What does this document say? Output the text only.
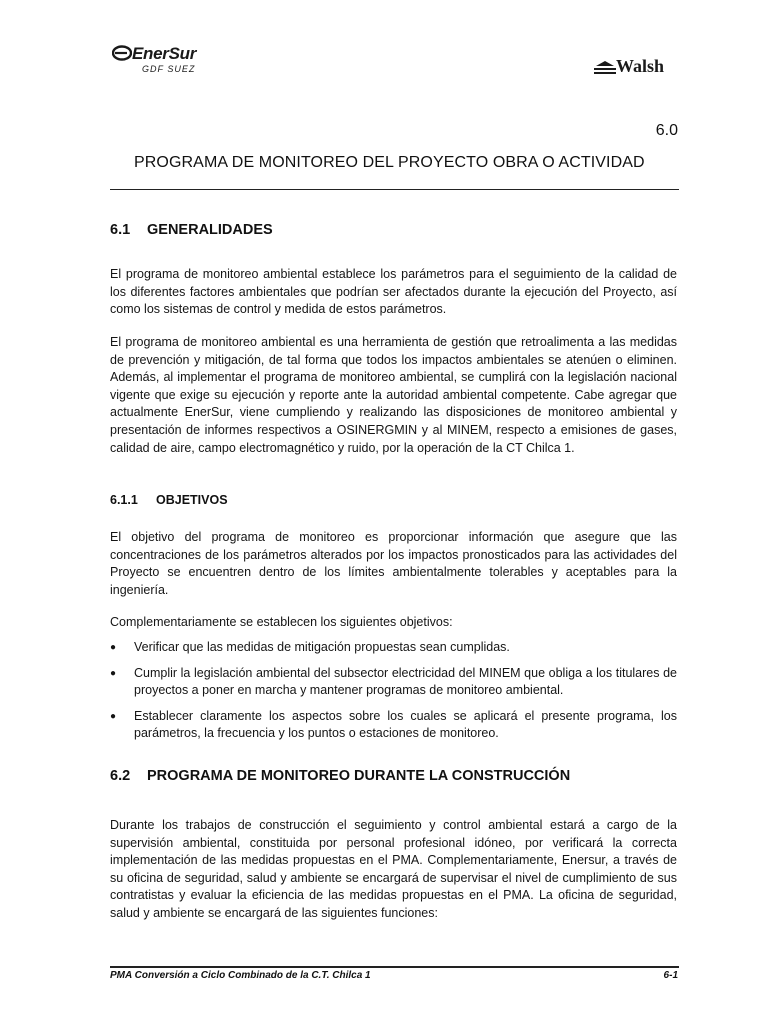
EnerSur
GDF SUEZ	Walsh
6.0
PROGRAMA DE MONITOREO DEL PROYECTO OBRA O ACTIVIDAD
6.1 GENERALIDADES

El programa de monitoreo ambiental establece los parámetros para el seguimiento de la calidad de los diferentes factores ambientales que podrían ser afectados durante la ejecución del Proyecto, así como los sistemas de control y medida de estos parámetros.

El programa de monitoreo ambiental es una herramienta de gestión que retroalimenta a las medidas de prevención y mitigación, de tal forma que todos los impactos ambientales se atenúen o eliminen. Además, al implementar el programa de monitoreo ambiental, se cumplirá con la legislación nacional vigente que exige su ejecución y reporte ante la autoridad ambiental competente. Cabe agregar que actualmente EnerSur, viene cumpliendo y realizando las disposiciones de monitoreo ambiental y presentación de informes respectivos a OSINERGMIN y al MINEM, respecto a emisiones de gases, calidad de aire, campo electromagnético y ruido, por la operación de la CT Chilca 1.

6.1.1 OBJETIVOS

El objetivo del programa de monitoreo es proporcionar información que asegure que las concentraciones de los parámetros alterados por los impactos pronosticados para las actividades del Proyecto se encuentren dentro de los límites ambientalmente tolerables y aceptables para la ingeniería.

Complementariamente se establecen los siguientes objetivos:

● Verificar que las medidas de mitigación propuestas sean cumplidas.
● Cumplir la legislación ambiental del subsector electricidad del MINEM que obliga a los titulares de proyectos a poner en marcha y mantener programas de monitoreo ambiental.
● Establecer claramente los aspectos sobre los cuales se aplicará el presente programa, los parámetros, la frecuencia y los puntos o estaciones de monitoreo.
6.2 PROGRAMA DE MONITOREO DURANTE LA CONSTRUCCIÓN

Durante los trabajos de construcción el seguimiento y control ambiental estará a cargo de la supervisión ambiental, constituida por personal profesional idóneo, por verificará la correcta implementación de las medidas propuestas en el PMA. Complementariamente, Enersur, a través de su oficina de seguridad, salud y ambiente se encargará de supervisar el nivel de cumplimiento de sus contratistas y evaluar la eficiencia de las medidas propuestas en el PMA. La oficina de seguridad, salud y ambiente se encargará de las siguientes funciones:

PMA Conversión a Ciclo Combinado de la C.T. Chilca 1	6-1
